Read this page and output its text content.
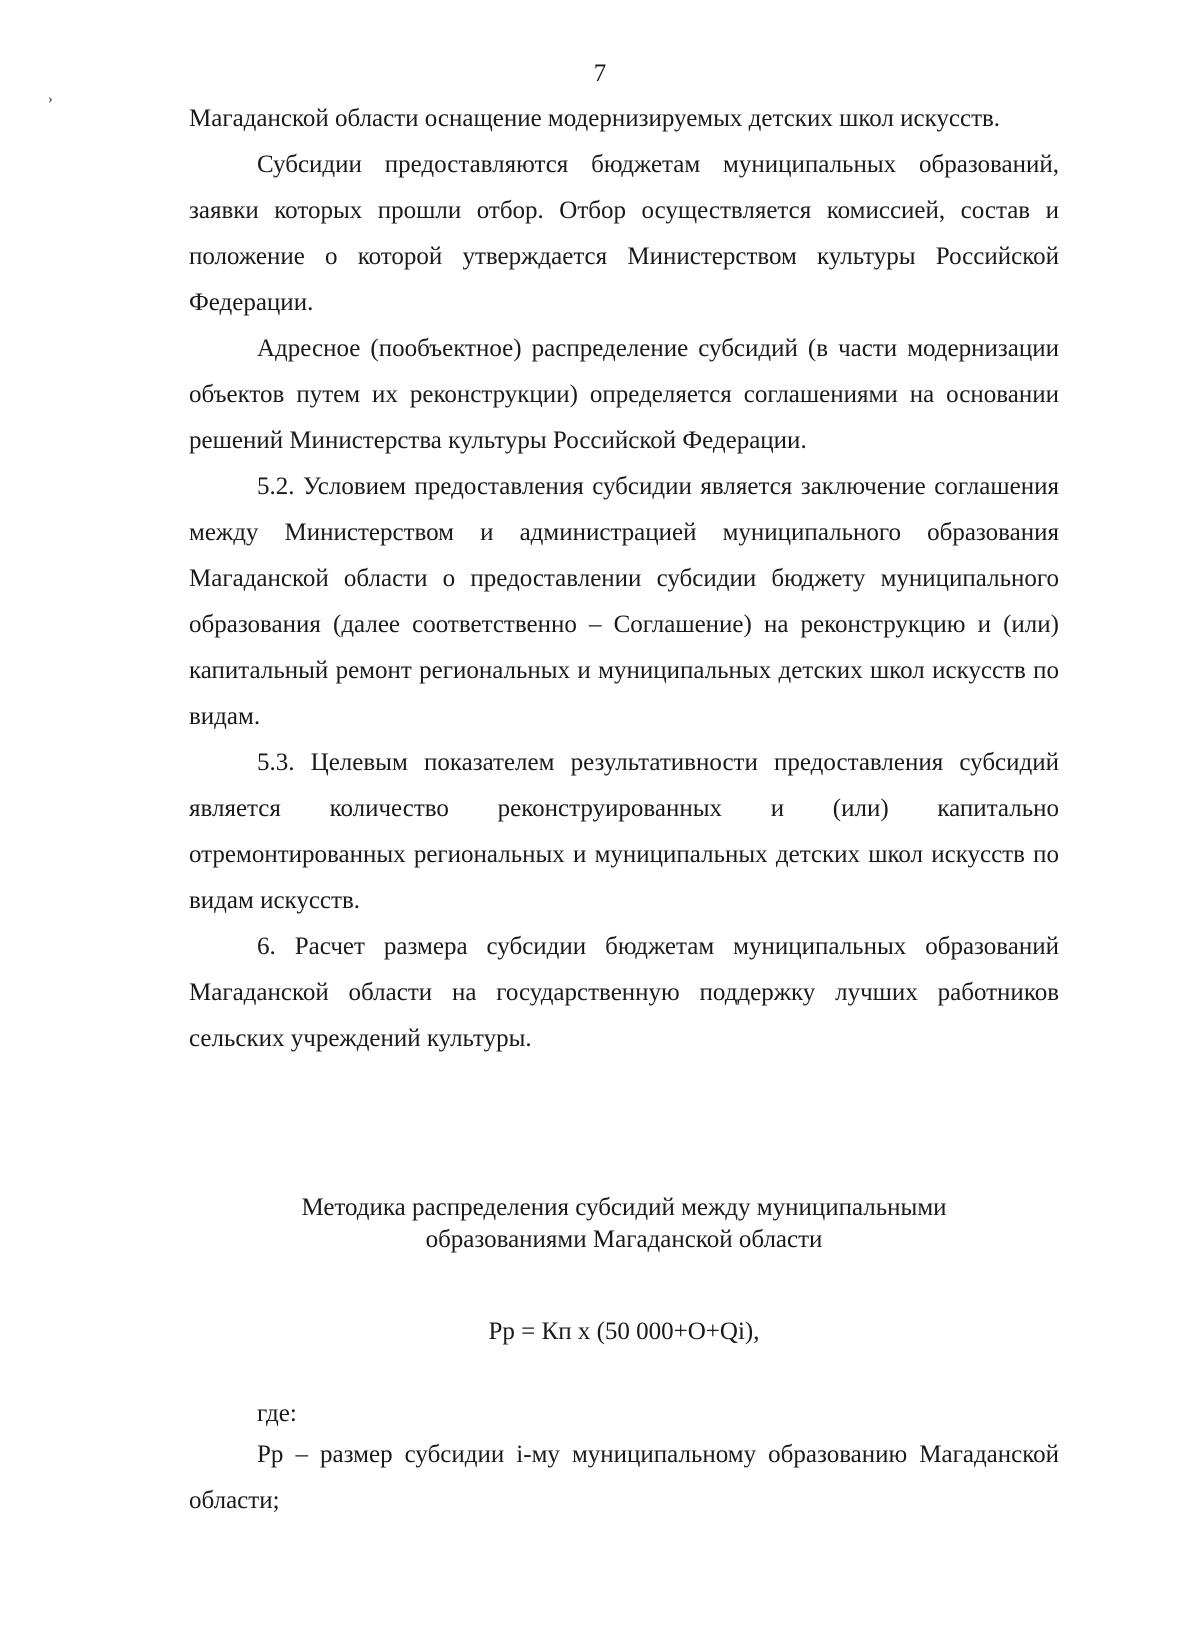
7
›

Магаданской области оснащение модернизируемых детских школ искусств.

Субсидии предоставляются бюджетам муниципальных образований, заявки которых прошли отбор. Отбор осуществляется комиссией, состав и положение о которой утверждается Министерством культуры Российской Федерации.

Адресное (пообъектное) распределение субсидий (в части модернизации объектов путем их реконструкции) определяется соглашениями на основании решений Министерства культуры Российской Федерации.

5.2. Условием предоставления субсидии является заключение соглашения между Министерством и администрацией муниципального образования Магаданской области о предоставлении субсидии бюджету муниципального образования (далее соответственно – Соглашение) на реконструкцию и (или) капитальный ремонт региональных и муниципальных детских школ искусств по видам.

5.3. Целевым показателем результативности предоставления субсидий является количество реконструированных и (или) капитально отремонтированных региональных и муниципальных детских школ искусств по видам искусств.

6. Расчет размера субсидии бюджетам муниципальных образований Магаданской области на государственную поддержку лучших работников сельских учреждений культуры.

Методика распределения субсидий между муниципальными
образованиями Магаданской области
Рр = Кп х (50 000+О+Qi),
где:
Рр – размер субсидии i-му муниципальному образованию Магаданской области;
